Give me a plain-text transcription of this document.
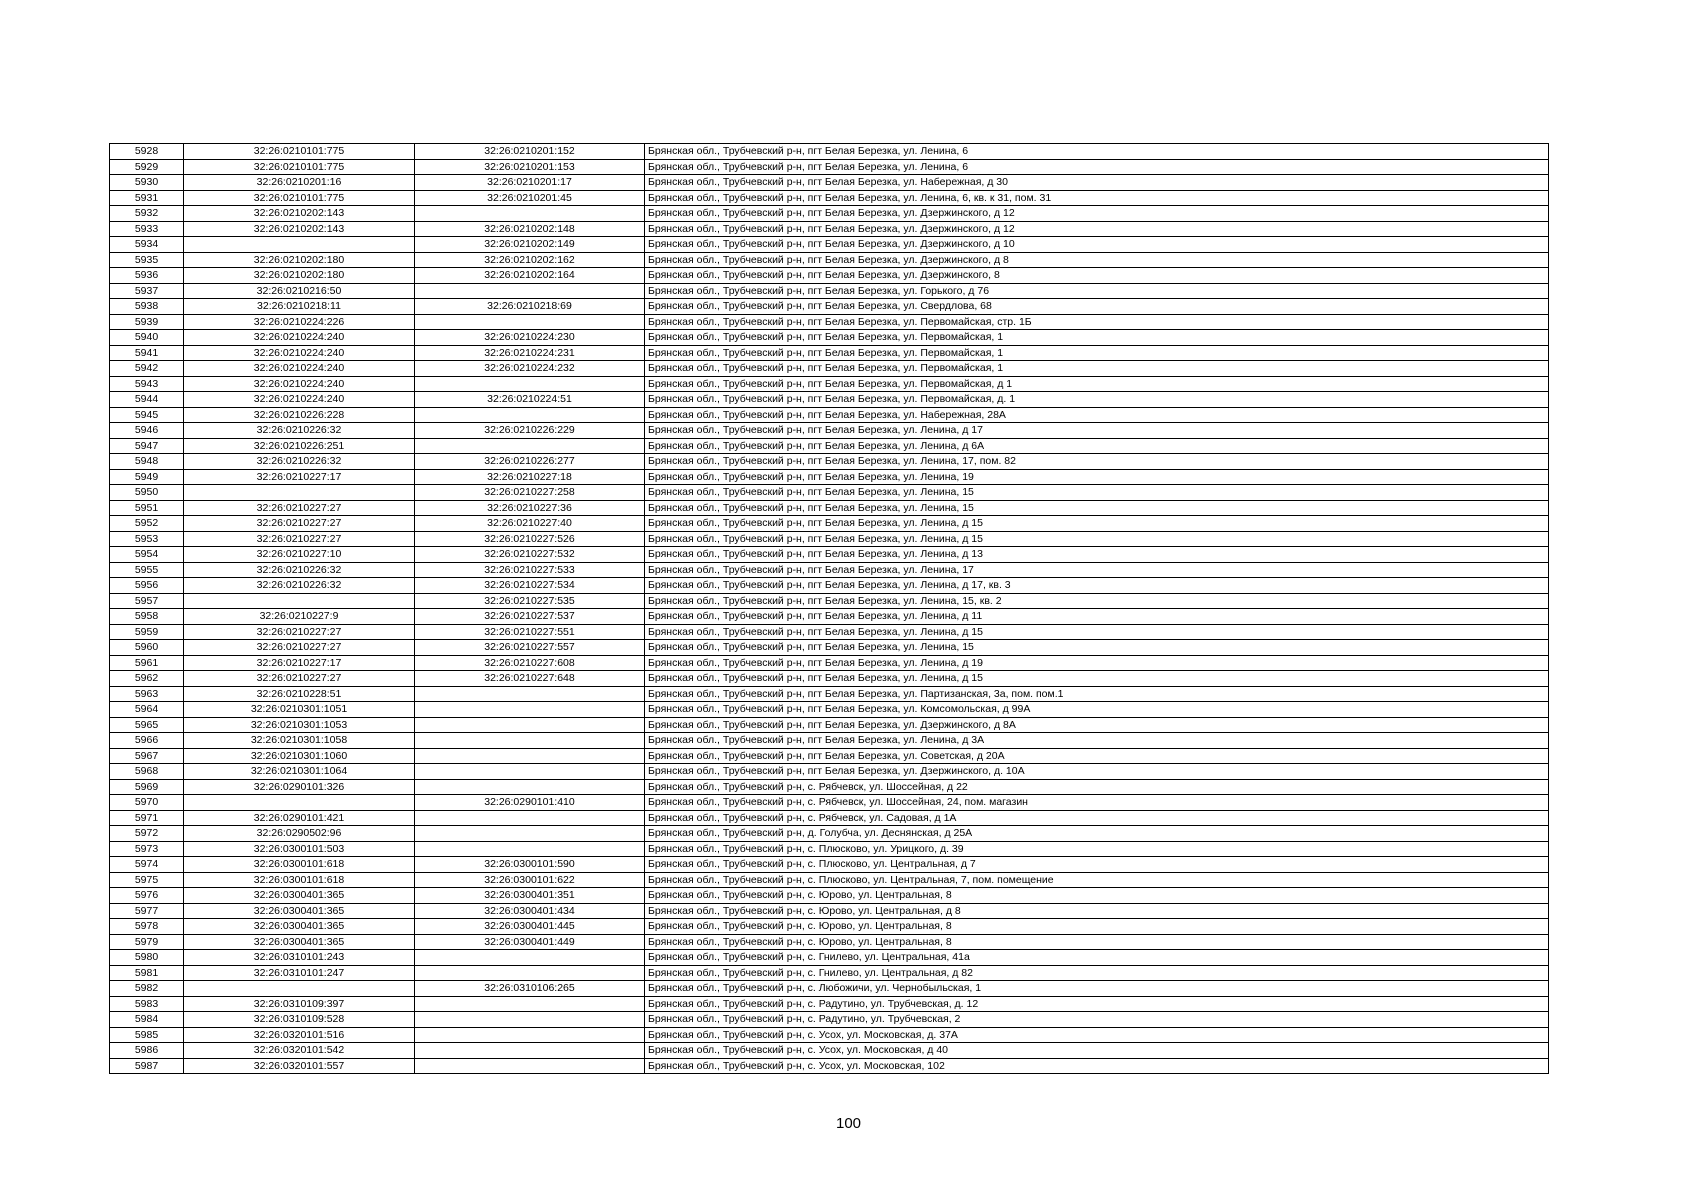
5928	32:26:0210101:775	32:26:0210201:152	Брянская обл., Трубчевский р-н, пгт Белая Березка, ул. Ленина, 6
5929	32:26:0210101:775	32:26:0210201:153	Брянская обл., Трубчевский р-н, пгт Белая Березка, ул. Ленина, 6
5930	32:26:0210201:16	32:26:0210201:17	Брянская обл., Трубчевский р-н, пгт Белая Березка, ул. Набережная, д 30
5931	32:26:0210101:775	32:26:0210201:45	Брянская обл., Трубчевский р-н, пгт Белая Березка, ул. Ленина, 6, кв. к 31, пом. 31
5932	32:26:0210202:143		Брянская обл., Трубчевский р-н, пгт Белая Березка, ул. Дзержинского, д 12
5933	32:26:0210202:143	32:26:0210202:148	Брянская обл., Трубчевский р-н, пгт Белая Березка, ул. Дзержинского, д 12
5934		32:26:0210202:149	Брянская обл., Трубчевский р-н, пгт Белая Березка, ул. Дзержинского, д 10
5935	32:26:0210202:180	32:26:0210202:162	Брянская обл., Трубчевский р-н, пгт Белая Березка, ул. Дзержинского, д 8
5936	32:26:0210202:180	32:26:0210202:164	Брянская обл., Трубчевский р-н, пгт Белая Березка, ул. Дзержинского, 8
5937	32:26:0210216:50		Брянская обл., Трубчевский р-н, пгт Белая Березка, ул. Горького, д 76
5938	32:26:0210218:11	32:26:0210218:69	Брянская обл., Трубчевский р-н, пгт Белая Березка, ул. Свердлова, 68
5939	32:26:0210224:226		Брянская обл., Трубчевский р-н, пгт Белая Березка, ул. Первомайская, стр. 1Б
5940	32:26:0210224:240	32:26:0210224:230	Брянская обл., Трубчевский р-н, пгт Белая Березка, ул. Первомайская, 1
5941	32:26:0210224:240	32:26:0210224:231	Брянская обл., Трубчевский р-н, пгт Белая Березка, ул. Первомайская, 1
5942	32:26:0210224:240	32:26:0210224:232	Брянская обл., Трубчевский р-н, пгт Белая Березка, ул. Первомайская, 1
5943	32:26:0210224:240		Брянская обл., Трубчевский р-н, пгт Белая Березка, ул. Первомайская, д 1
5944	32:26:0210224:240	32:26:0210224:51	Брянская обл., Трубчевский р-н, пгт Белая Березка, ул. Первомайская, д. 1
5945	32:26:0210226:228		Брянская обл., Трубчевский р-н, пгт Белая Березка, ул. Набережная, 28А
5946	32:26:0210226:32	32:26:0210226:229	Брянская обл., Трубчевский р-н, пгт Белая Березка, ул. Ленина, д 17
5947	32:26:0210226:251		Брянская обл., Трубчевский р-н, пгт Белая Березка, ул. Ленина, д 6А
5948	32:26:0210226:32	32:26:0210226:277	Брянская обл., Трубчевский р-н, пгт Белая Березка, ул. Ленина, 17, пом. 82
5949	32:26:0210227:17	32:26:0210227:18	Брянская обл., Трубчевский р-н, пгт Белая Березка, ул. Ленина, 19
5950		32:26:0210227:258	Брянская обл., Трубчевский р-н, пгт Белая Березка, ул. Ленина, 15
5951	32:26:0210227:27	32:26:0210227:36	Брянская обл., Трубчевский р-н, пгт Белая Березка, ул. Ленина, 15
5952	32:26:0210227:27	32:26:0210227:40	Брянская обл., Трубчевский р-н, пгт Белая Березка, ул. Ленина, д 15
5953	32:26:0210227:27	32:26:0210227:526	Брянская обл., Трубчевский р-н, пгт Белая Березка, ул. Ленина, д 15
5954	32:26:0210227:10	32:26:0210227:532	Брянская обл., Трубчевский р-н, пгт Белая Березка, ул. Ленина, д 13
5955	32:26:0210226:32	32:26:0210227:533	Брянская обл., Трубчевский р-н, пгт Белая Березка, ул. Ленина, 17
5956	32:26:0210226:32	32:26:0210227:534	Брянская обл., Трубчевский р-н, пгт Белая Березка, ул. Ленина, д 17, кв. 3
5957		32:26:0210227:535	Брянская обл., Трубчевский р-н, пгт Белая Березка, ул. Ленина, 15, кв. 2
5958	32:26:0210227:9	32:26:0210227:537	Брянская обл., Трубчевский р-н, пгт Белая Березка, ул. Ленина, д 11
5959	32:26:0210227:27	32:26:0210227:551	Брянская обл., Трубчевский р-н, пгт Белая Березка, ул. Ленина, д 15
5960	32:26:0210227:27	32:26:0210227:557	Брянская обл., Трубчевский р-н, пгт Белая Березка, ул. Ленина, 15
5961	32:26:0210227:17	32:26:0210227:608	Брянская обл., Трубчевский р-н, пгт Белая Березка, ул. Ленина, д 19
5962	32:26:0210227:27	32:26:0210227:648	Брянская обл., Трубчевский р-н, пгт Белая Березка, ул. Ленина, д 15
5963	32:26:0210228:51		Брянская обл., Трубчевский р-н, пгт Белая Березка, ул. Партизанская, 3а, пом. пом.1
5964	32:26:0210301:1051		Брянская обл., Трубчевский р-н, пгт Белая Березка, ул. Комсомольская, д 99А
5965	32:26:0210301:1053		Брянская обл., Трубчевский р-н, пгт Белая Березка, ул. Дзержинского, д 8А
5966	32:26:0210301:1058		Брянская обл., Трубчевский р-н, пгт Белая Березка, ул. Ленина, д 3А
5967	32:26:0210301:1060		Брянская обл., Трубчевский р-н, пгт Белая Березка, ул. Советская, д 20А
5968	32:26:0210301:1064		Брянская обл., Трубчевский р-н, пгт Белая Березка, ул. Дзержинского, д. 10А
5969	32:26:0290101:326		Брянская обл., Трубчевский р-н, с. Рябчевск, ул. Шоссейная, д 22
5970		32:26:0290101:410	Брянская обл., Трубчевский р-н, с. Рябчевск, ул. Шоссейная, 24, пом. магазин
5971	32:26:0290101:421		Брянская обл., Трубчевский р-н, с. Рябчевск, ул. Садовая, д 1А
5972	32:26:0290502:96		Брянская обл., Трубчевский р-н, д. Голубча, ул. Деснянская, д 25А
5973	32:26:0300101:503		Брянская обл., Трубчевский р-н, с. Плюсково, ул. Урицкого, д. 39
5974	32:26:0300101:618	32:26:0300101:590	Брянская обл., Трубчевский р-н, с. Плюсково, ул. Центральная, д 7
5975	32:26:0300101:618	32:26:0300101:622	Брянская обл., Трубчевский р-н, с. Плюсково, ул. Центральная, 7, пом. помещение
5976	32:26:0300401:365	32:26:0300401:351	Брянская обл., Трубчевский р-н, с. Юрово, ул. Центральная, 8
5977	32:26:0300401:365	32:26:0300401:434	Брянская обл., Трубчевский р-н, с. Юрово, ул. Центральная, д 8
5978	32:26:0300401:365	32:26:0300401:445	Брянская обл., Трубчевский р-н, с. Юрово, ул. Центральная, 8
5979	32:26:0300401:365	32:26:0300401:449	Брянская обл., Трубчевский р-н, с. Юрово, ул. Центральная, 8
5980	32:26:0310101:243		Брянская обл., Трубчевский р-н, с. Гнилево, ул. Центральная, 41а
5981	32:26:0310101:247		Брянская обл., Трубчевский р-н, с. Гнилево, ул. Центральная, д 82
5982		32:26:0310106:265	Брянская обл., Трубчевский р-н, с. Любожичи, ул. Чернобыльская, 1
5983	32:26:0310109:397		Брянская обл., Трубчевский р-н, с. Радутино, ул. Трубчевская, д. 12
5984	32:26:0310109:528		Брянская обл., Трубчевский р-н, с. Радутино, ул. Трубчевская, 2
5985	32:26:0320101:516		Брянская обл., Трубчевский р-н, с. Усох, ул. Московская, д. 37А
5986	32:26:0320101:542		Брянская обл., Трубчевский р-н, с. Усох, ул. Московская, д 40
5987	32:26:0320101:557		Брянская обл., Трубчевский р-н, с. Усох, ул. Московская, 102
100
